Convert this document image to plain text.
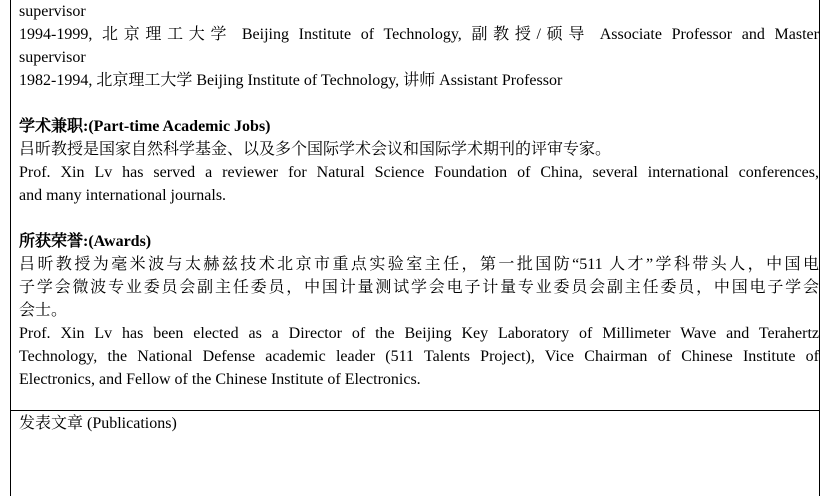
supervisor
1994-1999, 北京理工大学 Beijing Institute of Technology, 副教授/硕导 Associate Professor and Master
supervisor
1982-1994, 北京理工大学 Beijing Institute of Technology, 讲师 Assistant Professor
学术兼职:(Part-time Academic Jobs)
吕昕教授是国家自然科学基金、以及多个国际学术会议和国际学术期刊的评审专家。
Prof. Xin Lv has served a reviewer for Natural Science Foundation of China, several international conferences,
and many international journals.
所获荣誉:(Awards)
吕昕教授为毫米波与太赫兹技术北京市重点实验室主任，第一批国防“511 人才”学科带头人，中国电
子学会微波专业委员会副主任委员，中国计量测试学会电子计量专业委员会副主任委员，中国电子学会
会士。
Prof. Xin Lv has been elected as a Director of the Beijing Key Laboratory of Millimeter Wave and Terahertz
Technology, the National Defense academic leader (511 Talents Project), Vice Chairman of Chinese Institute of
Electronics, and Fellow of the Chinese Institute of Electronics.
发表文章 (Publications)
